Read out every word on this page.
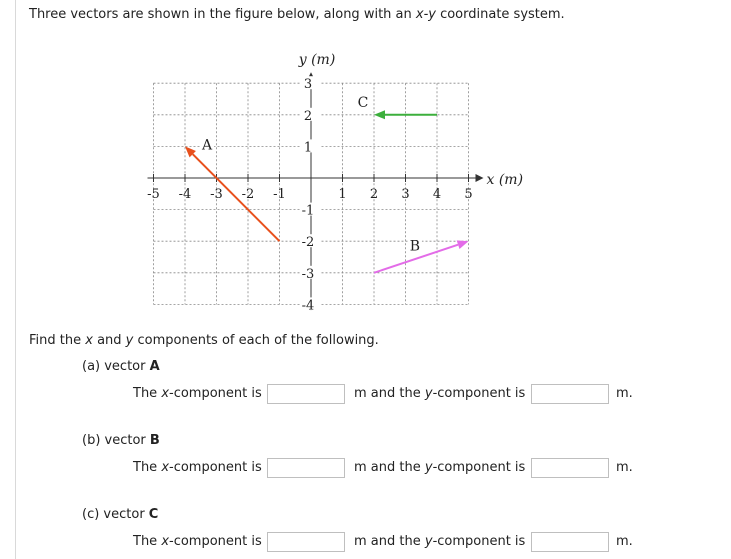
Three vectors are shown in the figure below, along with an x-y coordinate system.
y (m)
x (m)
-5 -4 -3 -2 -1	1 2 3 4 5
3
2
1
-1
-2
-3
-4
A
B
C
Find the x and y components of each of the following.
(a) vector A
The x-component is	m and the y-component is	m.
(b) vector B
The x-component is	m and the y-component is	m.
(c) vector C
The x-component is	m and the y-component is	m.
